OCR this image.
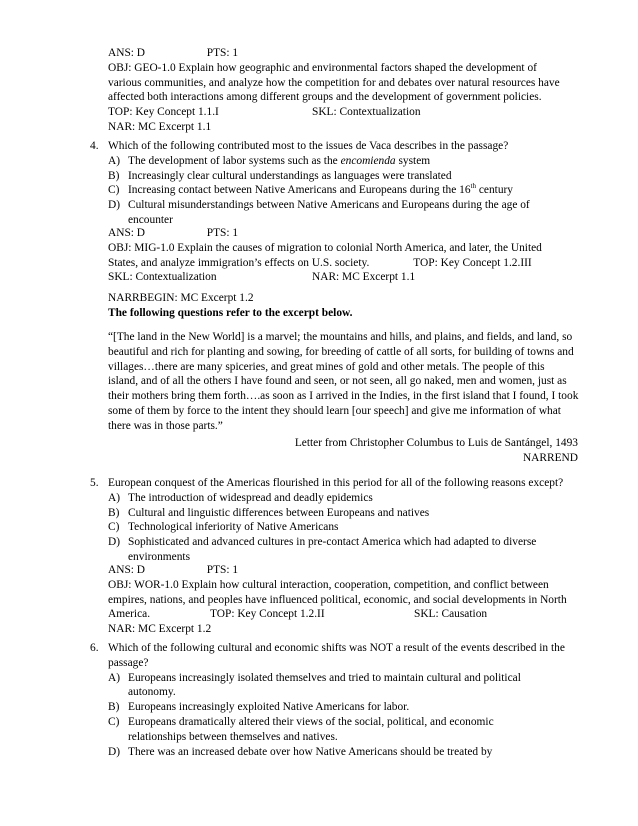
ANS: D	PTS: 1
OBJ: GEO-1.0 Explain how geographic and environmental factors shaped the development of
various communities, and analyze how the competition for and debates over natural resources have
affected both interactions among different groups and the development of government policies.
TOP: Key Concept 1.1.I	SKL: Contextualization
NAR: MC Excerpt 1.1
4. Which of the following contributed most to the issues de Vaca describes in the passage?
A) The development of labor systems such as the encomienda system
B) Increasingly clear cultural understandings as languages were translated
C) Increasing contact between Native Americans and Europeans during the 16th century
D) Cultural misunderstandings between Native Americans and Europeans during the age of
encounter
ANS: D	PTS: 1
OBJ: MIG-1.0 Explain the causes of migration to colonial North America, and later, the United
States, and analyze immigration’s effects on U.S. society.	TOP: Key Concept 1.2.III
SKL: Contextualization	NAR: MC Excerpt 1.1
NARRBEGIN: MC Excerpt 1.2
The following questions refer to the excerpt below.
“[The land in the New World] is a marvel; the mountains and hills, and plains, and fields, and land, so
beautiful and rich for planting and sowing, for breeding of cattle of all sorts, for building of towns and
villages…there are many spiceries, and great mines of gold and other metals. The people of this
island, and of all the others I have found and seen, or not seen, all go naked, men and women, just as
their mothers bring them forth….as soon as I arrived in the Indies, in the first island that I found, I took
some of them by force to the intent they should learn [our speech] and give me information of what
there was in those parts.”
Letter from Christopher Columbus to Luis de Santángel, 1493
NARREND
5. European conquest of the Americas flourished in this period for all of the following reasons except?
A) The introduction of widespread and deadly epidemics
B) Cultural and linguistic differences between Europeans and natives
C) Technological inferiority of Native Americans
D) Sophisticated and advanced cultures in pre-contact America which had adapted to diverse
environments
ANS: D	PTS: 1
OBJ: WOR-1.0 Explain how cultural interaction, cooperation, competition, and conflict between
empires, nations, and peoples have influenced political, economic, and social developments in North
America.	TOP: Key Concept 1.2.II	SKL: Causation
NAR: MC Excerpt 1.2
6. Which of the following cultural and economic shifts was NOT a result of the events described in the
passage?
A) Europeans increasingly isolated themselves and tried to maintain cultural and political
autonomy.
B) Europeans increasingly exploited Native Americans for labor.
C) Europeans dramatically altered their views of the social, political, and economic
relationships between themselves and natives.
D) There was an increased debate over how Native Americans should be treated by
